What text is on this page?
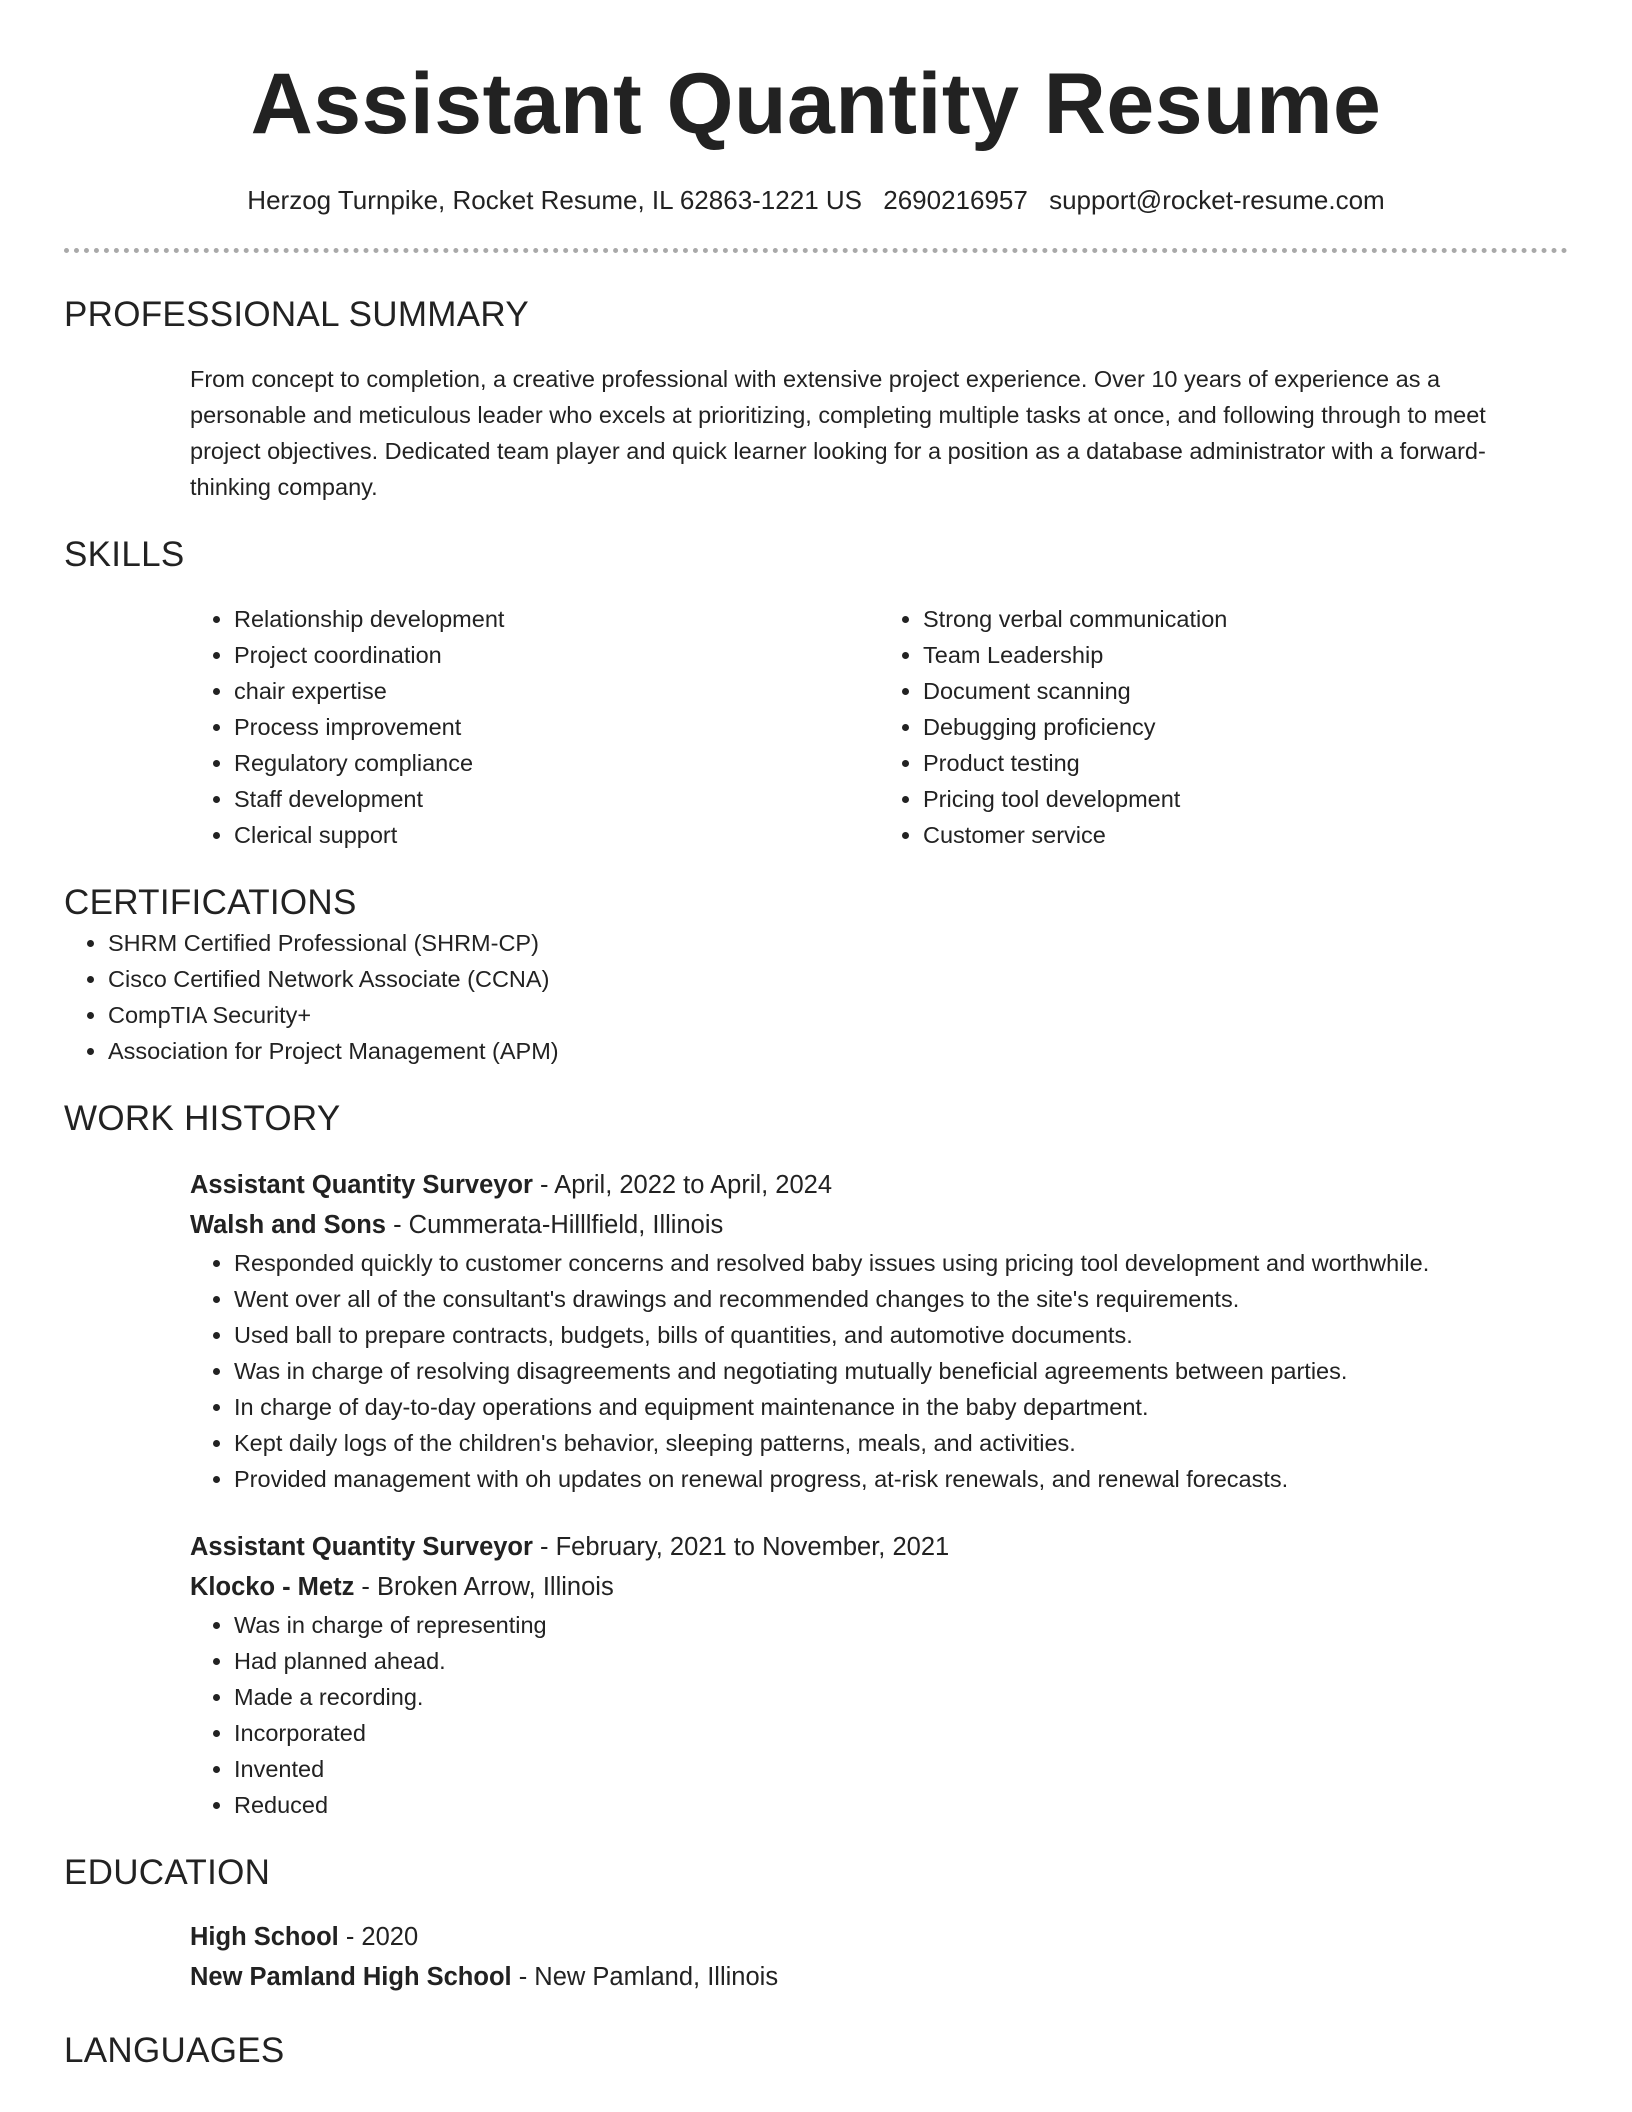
Assistant Quantity Resume
Herzog Turnpike, Rocket Resume, IL 62863-1221 US 2690216957 support@rocket-resume.com
PROFESSIONAL SUMMARY

From concept to completion, a creative professional with extensive project experience. Over 10 years of experience as a personable and meticulous leader who excels at prioritizing, completing multiple tasks at once, and following through to meet project objectives. Dedicated team player and quick learner looking for a position as a database administrator with a forward-thinking company.

SKILLS
• Relationship development
• Project coordination
• chair expertise
• Process improvement
• Regulatory compliance
• Staff development
• Clerical support
• Strong verbal communication
• Team Leadership
• Document scanning
• Debugging proficiency
• Product testing
• Pricing tool development
• Customer service
CERTIFICATIONS
• SHRM Certified Professional (SHRM-CP)
• Cisco Certified Network Associate (CCNA)
• CompTIA Security+
• Association for Project Management (APM)
WORK HISTORY
Assistant Quantity Surveyor - April, 2022 to April, 2024
Walsh and Sons - Cummerata-Hilllfield, Illinois
• Responded quickly to customer concerns and resolved baby issues using pricing tool development and worthwhile.
• Went over all of the consultant's drawings and recommended changes to the site's requirements.
• Used ball to prepare contracts, budgets, bills of quantities, and automotive documents.
• Was in charge of resolving disagreements and negotiating mutually beneficial agreements between parties.
• In charge of day-to-day operations and equipment maintenance in the baby department.
• Kept daily logs of the children's behavior, sleeping patterns, meals, and activities.
• Provided management with oh updates on renewal progress, at-risk renewals, and renewal forecasts.
Assistant Quantity Surveyor - February, 2021 to November, 2021
Klocko - Metz - Broken Arrow, Illinois
• Was in charge of representing
• Had planned ahead.
• Made a recording.
• Incorporated
• Invented
• Reduced
EDUCATION
High School - 2020
New Pamland High School - New Pamland, Illinois
LANGUAGES
